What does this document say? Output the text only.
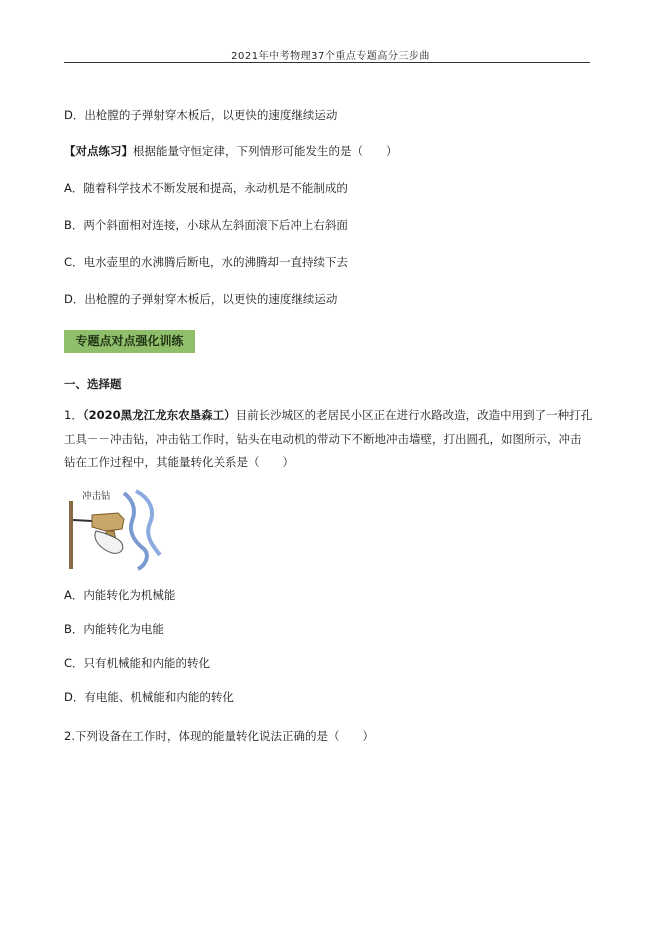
2021年中考物理37个重点专题高分三步曲
D．出枪膛的子弹射穿木板后，以更快的速度继续运动
【对点练习】根据能量守恒定律，下列情形可能发生的是（　　）
A．随着科学技术不断发展和提高，永动机是不能制成的
B．两个斜面相对连接，小球从左斜面滚下后冲上右斜面
C．电水壶里的水沸腾后断电，水的沸腾却一直持续下去
D．出枪膛的子弹射穿木板后，以更快的速度继续运动
专题点对点强化训练
一、选择题
1．（2020黑龙江龙东农垦森工）目前长沙城区的老居民小区正在进行水路改造，改造中用到了一种打孔
工具－－冲击钻，冲击钻工作时，钻头在电动机的带动下不断地冲击墙壁，打出圆孔，如图所示，冲击
钻在工作过程中，其能量转化关系是（　　）
冲击钻
A．内能转化为机械能
B．内能转化为电能
C．只有机械能和内能的转化
D．有电能、机械能和内能的转化
2.下列设备在工作时，体现的能量转化说法正确的是（　　）
